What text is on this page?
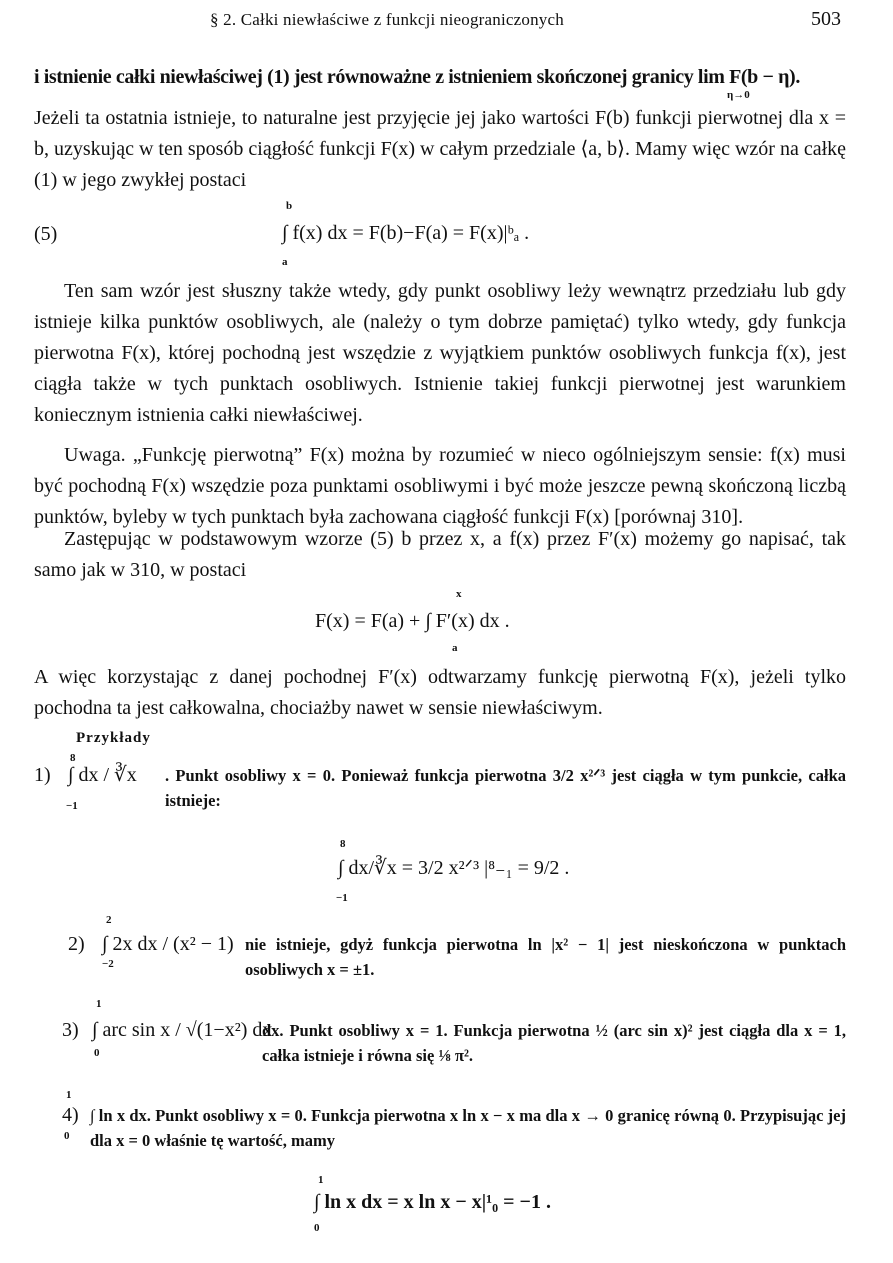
§ 2. Całki niewłaściwe z funkcji nieograniczonych	503

i istnienie całki niewłaściwej (1) jest równoważne z istnieniem skończonej granicy lim F(b − η).

η→0

Jeżeli ta ostatnia istnieje, to naturalne jest przyjęcie jej jako wartości F(b) funkcji pierwotnej dla x = b, uzyskując w ten sposób ciągłość funkcji F(x) w całym przedziale ⟨a, b⟩. Mamy więc wzór na całkę (1) w jego zwykłej postaci

(5)
b
∫ f(x) dx = F(b)−F(a) = F(x)|ᵇₐ .
a

Ten sam wzór jest słuszny także wtedy, gdy punkt osobliwy leży wewnątrz przedziału lub gdy istnieje kilka punktów osobliwych, ale (należy o tym dobrze pamiętać) tylko wtedy, gdy funkcja pierwotna F(x), której pochodną jest wszędzie z wyjątkiem punktów osobliwych funkcja f(x), jest ciągła także w tych punktach osobliwych. Istnienie takiej funkcji pierwotnej jest warunkiem koniecznym istnienia całki niewłaściwej.

Uwaga. „Funkcję pierwotną” F(x) można by rozumieć w nieco ogólniejszym sensie: f(x) musi być pochodną F(x) wszędzie poza punktami osobliwymi i być może jeszcze pewną skończoną liczbą punktów, byleby w tych punktach była zachowana ciągłość funkcji F(x) [porównaj 310].

Zastępując w podstawowym wzorze (5) b przez x, a f(x) przez F′(x) możemy go napisać, tak samo jak w 310, w postaci

x
F(x) = F(a) + ∫ F′(x) dx .
a

A więc korzystając z danej pochodnej F′(x) odtwarzamy funkcję pierwotną F(x), jeżeli tylko pochodna ta jest całkowalna, chociażby nawet w sensie niewłaściwym.

Przykłady
8
1) ∫ dx / ∛x
−1

. Punkt osobliwy x = 0. Ponieważ funkcja pierwotna 3/2 x²ᐟ³ jest ciągła w tym punkcie, całka istnieje:

8
∫ dx/∛x = 3/2 x²ᐟ³ |⁸₋₁ = 9/2 .
−1
2
2) ∫ 2x dx / (x² − 1)
−2

nie istnieje, gdyż funkcja pierwotna ln |x² − 1| jest nieskończona w punktach osobliwych x = ±1.

1
3) ∫ arc sin x / √(1−x²) dx
0

dx. Punkt osobliwy x = 1. Funkcja pierwotna ½ (arc sin x)² jest ciągła dla x = 1, całka istnieje i równa się ⅛ π².

1
4)
0

∫ ln x dx. Punkt osobliwy x = 0. Funkcja pierwotna x ln x − x ma dla x → 0 granicę równą 0. Przypisując jej dla x = 0 właśnie tę wartość, mamy

1
∫ ln x dx = x ln x − x|¹₀ = −1 .
0
